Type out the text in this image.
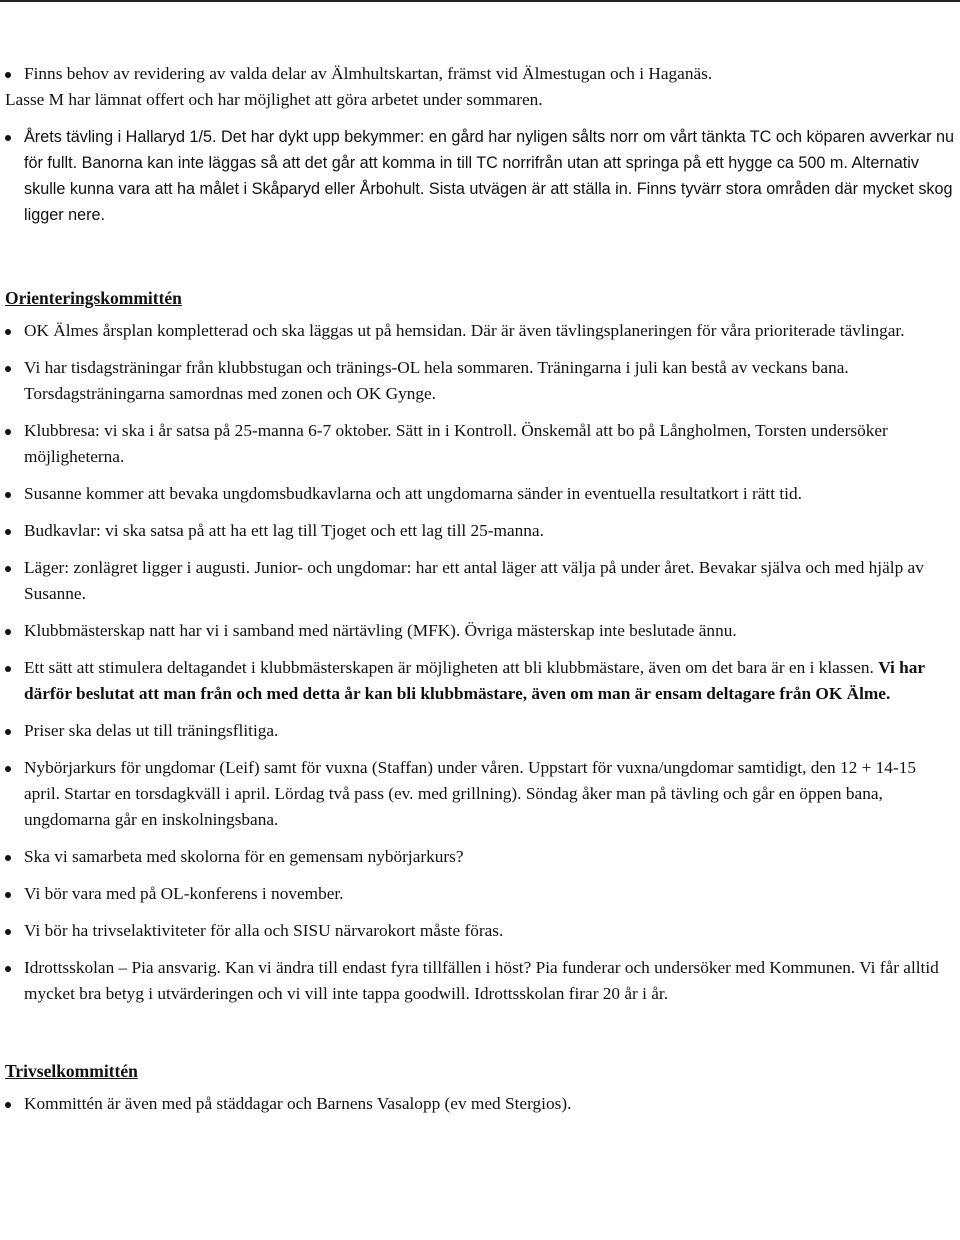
Finns behov av revidering av valda delar av Älmhultskartan, främst vid Älmestugan och i Haganäs.
Lasse M har lämnat offert och har möjlighet att göra arbetet under sommaren.
Årets tävling i Hallaryd 1/5. Det har dykt upp bekymmer: en gård har nyligen sålts norr om vårt tänkta TC och köparen avverkar nu för fullt. Banorna kan inte läggas så att det går att komma in till TC norrifrån utan att springa på ett hygge ca 500 m. Alternativ skulle kunna vara att ha målet i Skåparyd eller Årbohult. Sista utvägen är att ställa in. Finns tyvärr stora områden där mycket skog ligger nere.
Orienteringskommittén
OK Älmes årsplan kompletterad och ska läggas ut på hemsidan. Där är även tävlingsplaneringen för våra prioriterade tävlingar.
Vi har tisdagsträningar från klubbstugan och tränings-OL hela sommaren. Träningarna i juli kan bestå av veckans bana. Torsdagsträningarna samordnas med zonen och OK Gynge.
Klubbresa: vi ska i år satsa på 25-manna 6-7 oktober. Sätt in i Kontroll. Önskemål att bo på Långholmen, Torsten undersöker möjligheterna.
Susanne kommer att bevaka ungdomsbudkavlarna och att ungdomarna sänder in eventuella resultatkort i rätt tid.
Budkavlar: vi ska satsa på att ha ett lag till Tjoget och ett lag till 25-manna.
Läger: zonlägret ligger i augusti. Junior- och ungdomar: har ett antal läger att välja på under året. Bevakar själva och med hjälp av Susanne.
Klubbmästerskap natt har vi i samband med närtävling (MFK). Övriga mästerskap inte beslutade ännu.
Ett sätt att stimulera deltagandet i klubbmästerskapen är möjligheten att bli klubbmästare, även om det bara är en i klassen. Vi har därför beslutat att man från och med detta år kan bli klubbmästare, även om man är ensam deltagare från OK Älme.
Priser ska delas ut till träningsflitiga.
Nybörjarkurs för ungdomar (Leif) samt för vuxna (Staffan) under våren. Uppstart för vuxna/ungdomar samtidigt, den 12 + 14-15 april. Startar en torsdagkväll i april. Lördag två pass (ev. med grillning). Söndag åker man på tävling och går en öppen bana, ungdomarna går en inskolningsbana.
Ska vi samarbeta med skolorna för en gemensam nybörjarkurs?
Vi bör vara med på OL-konferens i november.
Vi bör ha trivselaktiviteter för alla och SISU närvarokort måste föras.
Idrottsskolan – Pia ansvarig. Kan vi ändra till endast fyra tillfällen i höst? Pia funderar och undersöker med Kommunen. Vi får alltid mycket bra betyg i utvärderingen och vi vill inte tappa goodwill. Idrottsskolan firar 20 år i år.
Trivselkommittén
Kommittén är även med på städdagar och Barnens Vasalopp (ev med Stergios).
